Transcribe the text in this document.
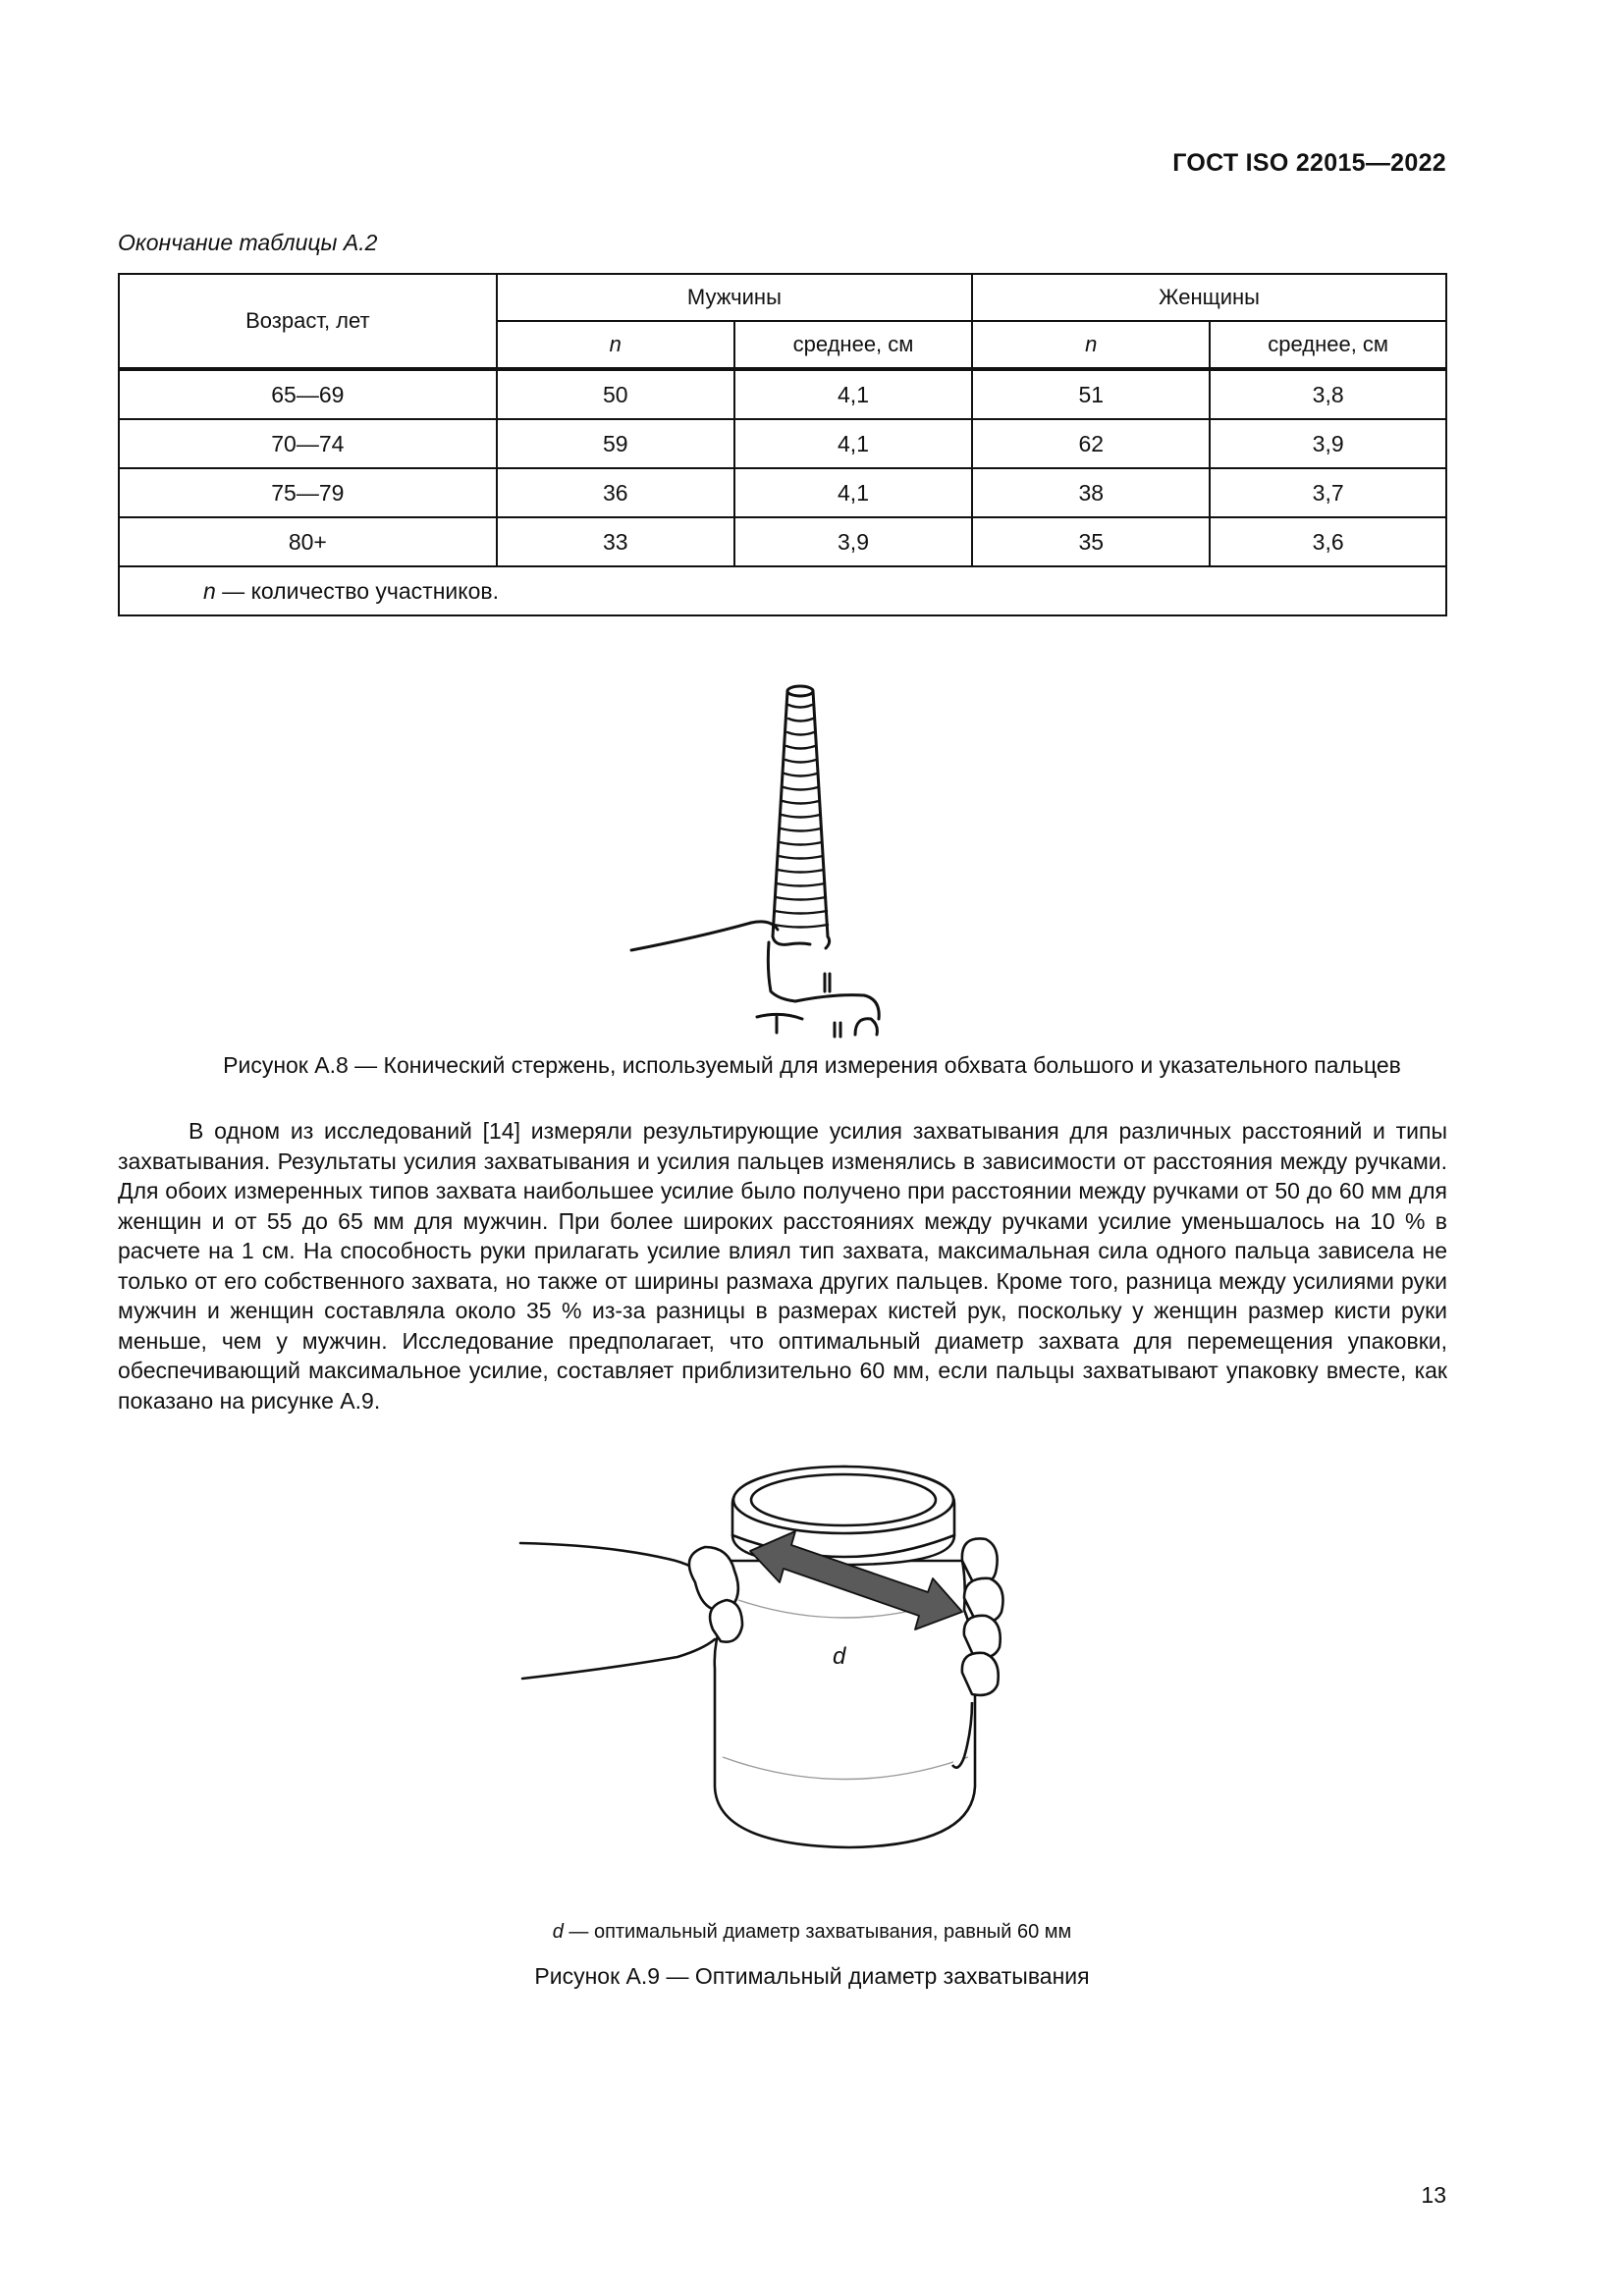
ГОСТ ISO 22015—2022
Окончание таблицы А.2
Возраст, лет	Мужчины		Женщины	
	n	среднее, см	n	среднее, см
65—69	50	4,1	51	3,8
70—74	59	4,1	62	3,9
75—79	36	4,1	38	3,7
80+	33	3,9	35	3,6
n — количество участников.				
Рисунок А.8 — Конический стержень, используемый для измерения обхвата большого и указательного пальцев

В одном из исследований [14] измеряли результирующие усилия захватывания для различных расстояний и типы захватывания. Результаты усилия захватывания и усилия пальцев изменялись в зависимости от расстояния между ручками. Для обоих измеренных типов захвата наибольшее усилие было получено при расстоянии между ручками от 50 до 60 мм для женщин и от 55 до 65 мм для мужчин. При более широких расстояниях между ручками усилие уменьшалось на 10 % в расчете на 1 см. На способность руки прилагать усилие влиял тип захвата, максимальная сила одного пальца зависела не только от его собственного захвата, но также от ширины размаха других пальцев. Кроме того, разница между усилиями руки мужчин и женщин составляла около 35 % из-за разницы в размерах кистей рук, поскольку у женщин размер кисти руки меньше, чем у мужчин. Исследование предполагает, что оптимальный диаметр захвата для перемещения упаковки, обеспечивающий максимальное усилие, составляет приблизительно 60 мм, если пальцы захватывают упаковку вместе, как показано на рисунке А.9.

d
d — оптимальный диаметр захватывания, равный 60 мм
Рисунок А.9 — Оптимальный диаметр захватывания
13
